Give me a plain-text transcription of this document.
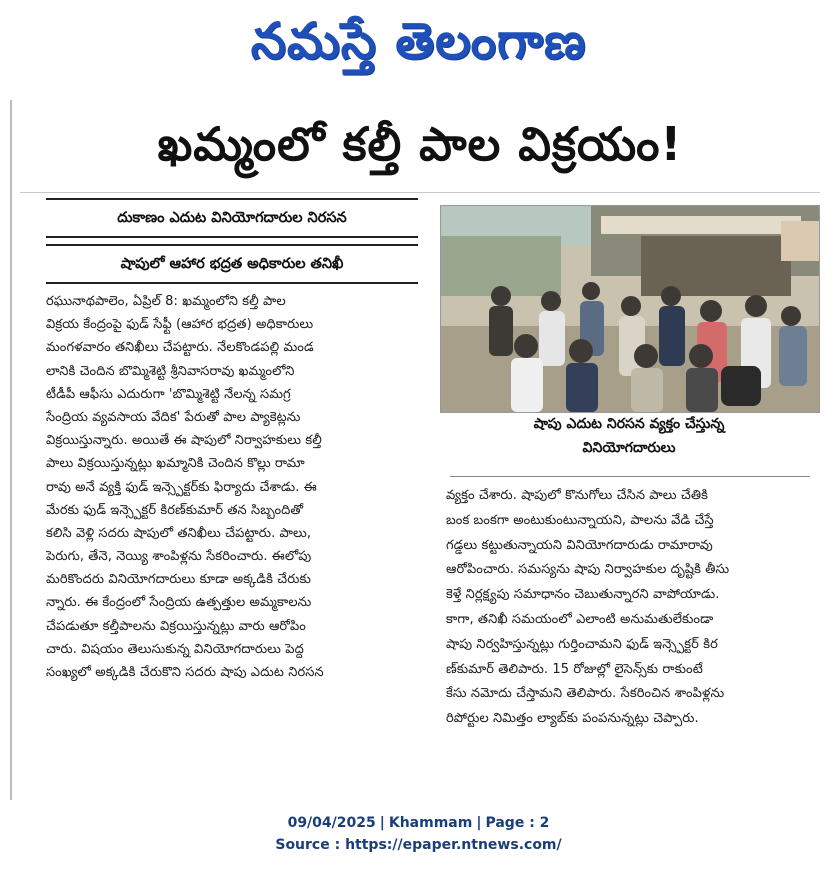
నమస్తే తెలంగాణ
ఖమ్మంలో కల్తీ పాల విక్రయం!
దుకాణం ఎదుట వినియోగదారుల నిరసన
షాపులో ఆహార భద్రత అధికారుల తనిఖీ
రఘునాథపాలెం, ఏప్రిల్ 8: ఖమ్మంలోని కల్తీ పాల
విక్రయ కేంద్రంపై ఫుడ్ సేఫ్టీ (ఆహార భద్రత) అధికారులు
మంగళవారం తనిఖీలు చేపట్టారు. నేలకొండపల్లి మండ
లానికి చెందిన బొమ్మిశెట్టి శ్రీనివాసరావు ఖమ్మంలోని
టీడీపీ ఆఫీసు ఎదురుగా 'బొమ్మిశెట్టి నేలన్న సమగ్ర
సేంద్రియ వ్యవసాయ వేదిక' పేరుతో పాల ప్యాకెట్లను
విక్రయిస్తున్నారు. అయితే ఈ షాపులో నిర్వాహకులు కల్తీ
పాలు విక్రయిస్తున్నట్లు ఖమ్మానికి చెందిన కొల్లు రామా
రావు అనే వ్యక్తి ఫుడ్ ఇన్స్పెక్టర్‌కు ఫిర్యాదు చేశాడు. ఈ
మేరకు ఫుడ్ ఇన్స్పెక్టర్ కిరణ్‌కుమార్ తన సిబ్బందితో
కలిసి వెళ్లి సదరు షాపులో తనిఖీలు చేపట్టారు. పాలు,
పెరుగు, తేనె, నెయ్యి శాంపిళ్లను సేకరించారు. ఈలోపు
మరికొందరు వినియోగదారులు కూడా అక్కడికి చేరుకు
న్నారు. ఈ కేంద్రంలో సేంద్రియ ఉత్పత్తుల అమ్మకాలను
చేపడుతూ కల్తీపాలను విక్రయిస్తున్నట్లు వారు ఆరోపిం
చారు. విషయం తెలుసుకున్న వినియోగదారులు పెద్ద
సంఖ్యలో అక్కడికి చేరుకొని సదరు షాపు ఎదుట నిరసన
షాపు ఎదుట నిరసన వ్యక్తం చేస్తున్న
వినియోగదారులు
వ్యక్తం చేశారు. షాపులో కొనుగోలు చేసిన పాలు చేతికి
బంక బంకగా అంటుకుంటున్నాయని, పాలను వేడి చేస్తే
గడ్డలు కట్టుతున్నాయని వినియోగదారుడు రామారావు
ఆరోపించారు. సమస్యను షాపు నిర్వాహకుల దృష్టికి తీసు
కెళ్తే నిర్లక్ష్యపు సమాధానం చెబుతున్నారని వాపోయాడు.
కాగా, తనిఖీ సమయంలో ఎలాంటి అనుమతులేకుండా
షాపు నిర్వహిస్తున్నట్లు గుర్తించామని ఫుడ్ ఇన్స్పెక్టర్ కిర
ణ్‌కుమార్ తెలిపారు. 15 రోజుల్లో లైసెన్స్‌కు రాకుంటే
కేసు నమోదు చేస్తామని తెలిపారు. సేకరించిన శాంపిళ్లను
రిపోర్టుల నిమిత్తం ల్యాబ్‌కు పంపనున్నట్లు చెప్పారు.
09/04/2025 | Khammam | Page : 2
Source : https://epaper.ntnews.com/
